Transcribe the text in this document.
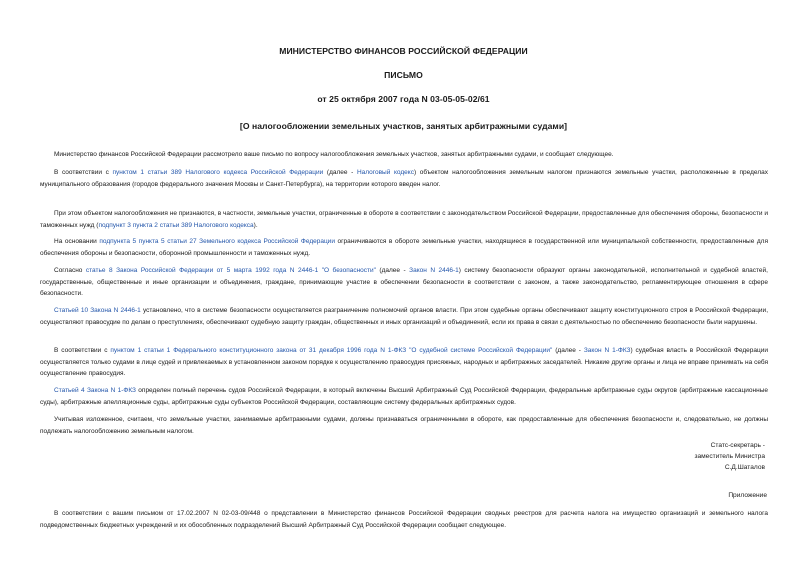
МИНИСТЕРСТВО ФИНАНСОВ РОССИЙСКОЙ ФЕДЕРАЦИИ
ПИСЬМО
от 25 октября 2007 года N 03-05-05-02/61
[О налогообложении земельных участков, занятых арбитражными судами]

Министерство финансов Российской Федерации рассмотрело ваше письмо по вопросу налогообложения земельных участков, занятых арбитражными судами, и сообщает следующее.

В соответствии с пунктом 1 статьи 389 Налогового кодекса Российской Федерации (далее - Налоговый кодекс) объектом налогообложения земельным налогом признаются земельные участки, расположенные в пределах муниципального образования (городов федерального значения Москвы и Санкт-Петербурга), на территории которого введен налог.

При этом объектом налогообложения не признаются, в частности, земельные участки, ограниченные в обороте в соответствии с законодательством Российской Федерации, предоставленные для обеспечения обороны, безопасности и таможенных нужд (подпункт 3 пункта 2 статьи 389 Налогового кодекса).

На основании подпункта 5 пункта 5 статьи 27 Земельного кодекса Российской Федерации ограничиваются в обороте земельные участки, находящиеся в государственной или муниципальной собственности, предоставленные для обеспечения обороны и безопасности, оборонной промышленности и таможенных нужд.

Согласно статье 8 Закона Российской Федерации от 5 марта 1992 года N 2446-1 "О безопасности" (далее - Закон N 2446-1) систему безопасности образуют органы законодательной, исполнительной и судебной властей, государственные, общественные и иные организации и объединения, граждане, принимающие участие в обеспечении безопасности в соответствии с законом, а также законодательство, регламентирующее отношения в сфере безопасности.

Статьей 10 Закона N 2446-1 установлено, что в системе безопасности осуществляется разграничение полномочий органов власти. При этом судебные органы обеспечивают защиту конституционного строя в Российской Федерации, осуществляют правосудие по делам о преступлениях, обеспечивают судебную защиту граждан, общественных и иных организаций и объединений, если их права в связи с деятельностью по обеспечению безопасности были нарушены.

В соответствии с пунктом 1 статьи 1 Федерального конституционного закона от 31 декабря 1996 года N 1-ФКЗ "О судебной системе Российской Федерации" (далее - Закон N 1-ФКЗ) судебная власть в Российской Федерации осуществляется только судами в лице судей и привлекаемых в установленном законом порядке к осуществлению правосудия присяжных, народных и арбитражных заседателей. Никакие другие органы и лица не вправе принимать на себя осуществление правосудия.

Статьей 4 Закона N 1-ФКЗ определен полный перечень судов Российской Федерации, в который включены Высший Арбитражный Суд Российской Федерации, федеральные арбитражные суды округов (арбитражные кассационные суды), арбитражные апелляционные суды, арбитражные суды субъектов Российской Федерации, составляющие систему федеральных арбитражных судов.

Учитывая изложенное, считаем, что земельные участки, занимаемые арбитражными судами, должны признаваться ограниченными в обороте, как предоставленные для обеспечения безопасности и, следовательно, не должны подлежать налогообложению земельным налогом.

Статс-секретарь -
заместитель Министра
С.Д.Шаталов
Приложение

В соответствии с вашим письмом от 17.02.2007 N 02-03-09/448 о представлении в Министерство финансов Российской Федерации сводных реестров для расчета налога на имущество организаций и земельного налога подведомственных бюджетных учреждений и их обособленных подразделений Высший Арбитражный Суд Российской Федерации сообщает следующее.
